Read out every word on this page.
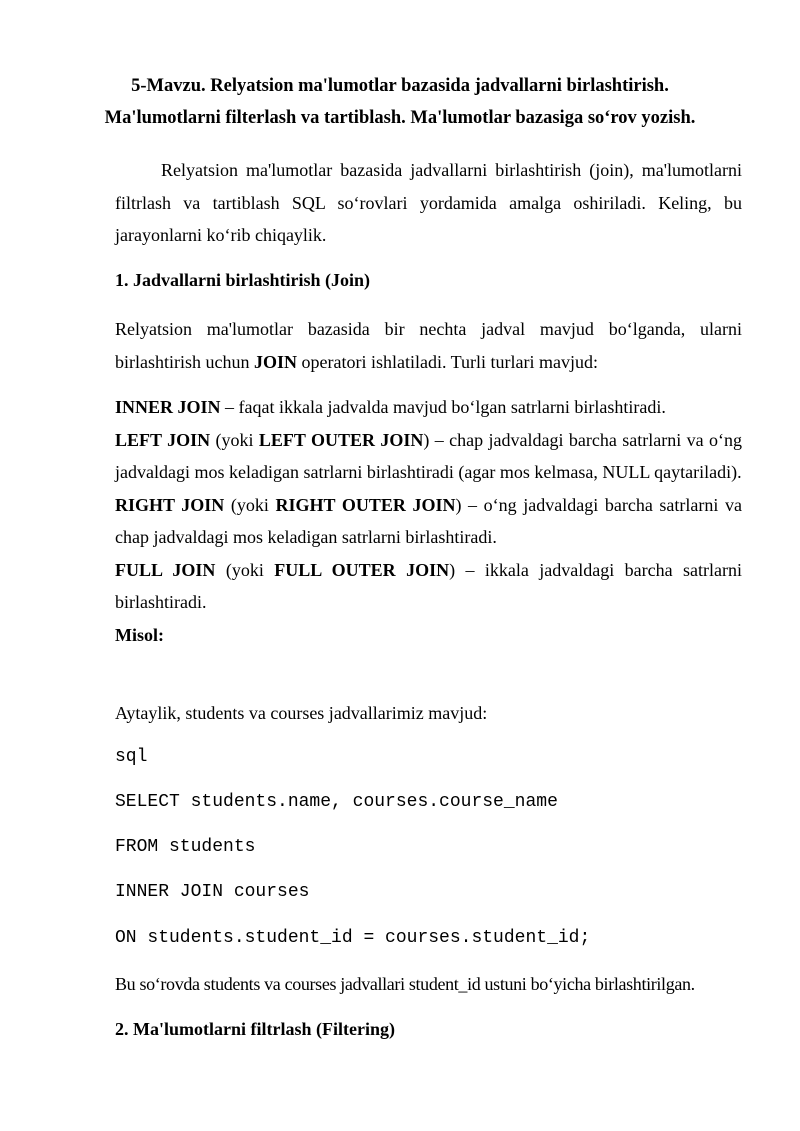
5-Mavzu. Relyatsion ma'lumotlar bazasida jadvallarni birlashtirish.
Ma'lumotlarni filterlash va tartiblash. Ma'lumotlar bazasiga so‘rov yozish.
Relyatsion ma'lumotlar bazasida jadvallarni birlashtirish (join), ma'lumotlarni filtrlash va tartiblash SQL so‘rovlari yordamida amalga oshiriladi. Keling, bu jarayonlarni ko‘rib chiqaylik.
1. Jadvallarni birlashtirish (Join)
Relyatsion ma'lumotlar bazasida bir nechta jadval mavjud bo‘lganda, ularni birlashtirish uchun JOIN operatori ishlatiladi. Turli turlari mavjud:

INNER JOIN – faqat ikkala jadvalda mavjud bo‘lgan satrlarni birlashtiradi.

LEFT JOIN (yoki LEFT OUTER JOIN) – chap jadvaldagi barcha satrlarni va o‘ng jadvaldagi mos keladigan satrlarni birlashtiradi (agar mos kelmasa, NULL qaytariladi).

RIGHT JOIN (yoki RIGHT OUTER JOIN) – o‘ng jadvaldagi barcha satrlarni va chap jadvaldagi mos keladigan satrlarni birlashtiradi.

FULL JOIN (yoki FULL OUTER JOIN) – ikkala jadvaldagi barcha satrlarni birlashtiradi.

Misol:

Aytaylik, students va courses jadvallarimiz mavjud:
sql
SELECT students.name, courses.course_name
FROM students
INNER JOIN courses
ON students.student_id = courses.student_id;
Bu so‘rovda students va courses jadvallari student_id ustuni bo‘yicha birlashtirilgan.
2. Ma'lumotlarni filtrlash (Filtering)
